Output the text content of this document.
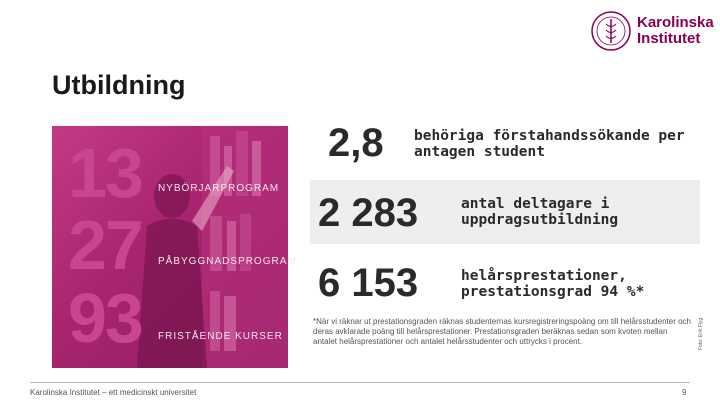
Karolinska
Institutet
Utbildning
13 NYBÖRJARPROGRAM
27 PÅBYGGNADSPROGRAM
93 FRISTÅENDE KURSER
2,8 behöriga förstahandssökande per antagen student
2 283	antal deltagare i uppdragsutbildning
6 153	helårsprestationer, prestationsgrad 94 %*
*När vi räknar ut prestationsgraden räknas studenternas kursregistreringspoäng om till helårsstudenter och deras avklarade poäng till helårsprestationer. Prestationsgraden beräknas sedan som kvoten mellan antalet helårsprestationer och antalet helårsstudenter och uttrycks i procent.	Foto: Erik Flyg
Karolinska Institutet – ett medicinskt universitet	9
